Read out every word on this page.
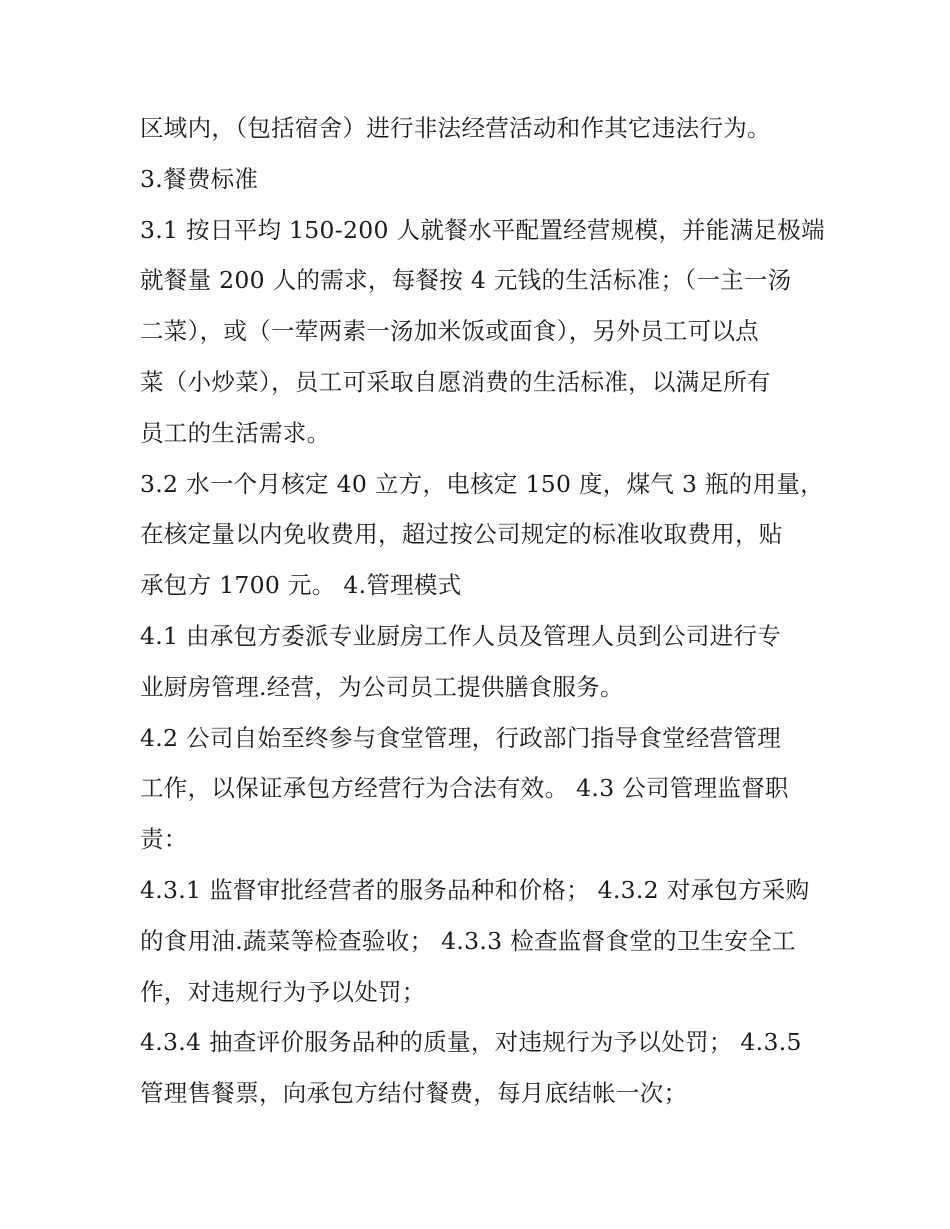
区域内，（包括宿舍）进行非法经营活动和作其它违法行为。
3.餐费标准
3.1 按日平均 150-200 人就餐水平配置经营规模，并能满足极端
就餐量 200 人的需求，每餐按 4 元钱的生活标准；（一主一汤
二菜），或（一荤两素一汤加米饭或面食），另外员工可以点
菜（小炒菜），员工可采取自愿消费的生活标准，以满足所有
员工的生活需求。
3.2 水一个月核定 40 立方，电核定 150 度，煤气 3 瓶的用量，
在核定量以内免收费用，超过按公司规定的标准收取费用，贴
承包方 1700 元。 4.管理模式
4.1 由承包方委派专业厨房工作人员及管理人员到公司进行专
业厨房管理.经营，为公司员工提供膳食服务。
4.2 公司自始至终参与食堂管理，行政部门指导食堂经营管理
工作，以保证承包方经营行为合法有效。 4.3 公司管理监督职
责：
4.3.1 监督审批经营者的服务品种和价格； 4.3.2 对承包方采购
的食用油.蔬菜等检查验收； 4.3.3 检查监督食堂的卫生安全工
作，对违规行为予以处罚；
4.3.4 抽查评价服务品种的质量，对违规行为予以处罚； 4.3.5
管理售餐票，向承包方结付餐费，每月底结帐一次；
